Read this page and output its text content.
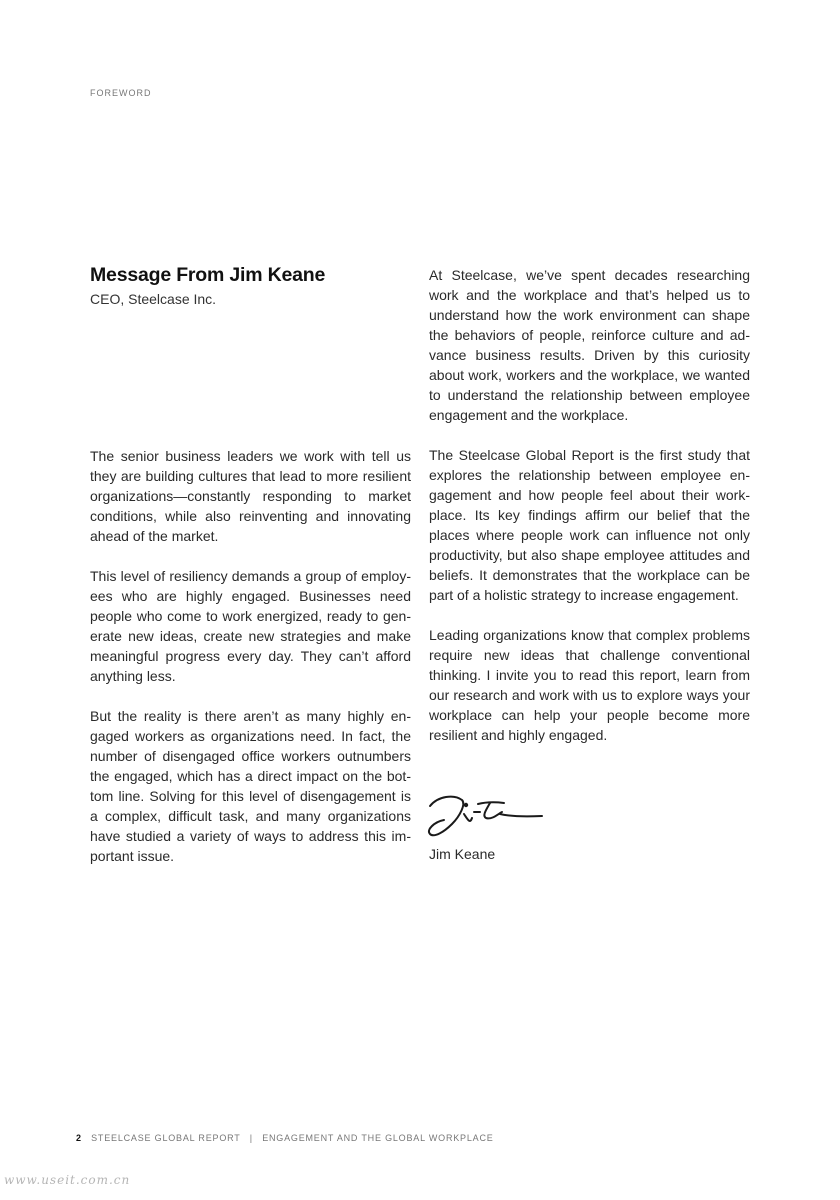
FOREWORD
Message From Jim Keane
CEO, Steelcase Inc.

The senior business leaders we work with tell us they are building cultures that lead to more resilient organizations—constantly responding to market conditions, while also reinventing and innovating ahead of the market.

This level of resiliency demands a group of employees who are highly engaged. Businesses need people who come to work energized, ready to generate new ideas, create new strategies and make meaningful progress every day. They can’t afford anything less.

But the reality is there aren’t as many highly engaged workers as organizations need. In fact, the number of disengaged office workers outnumbers the engaged, which has a direct impact on the bottom line. Solving for this level of disengagement is a complex, difficult task, and many organizations have studied a variety of ways to address this important issue.

At Steelcase, we’ve spent decades researching work and the workplace and that’s helped us to understand how the work environment can shape the behaviors of people, reinforce culture and advance business results. Driven by this curiosity about work, workers and the workplace, we wanted to understand the relationship between employee engagement and the workplace.

The Steelcase Global Report is the first study that explores the relationship between employee engagement and how people feel about their workplace. Its key findings affirm our belief that the places where people work can influence not only productivity, but also shape employee attitudes and beliefs. It demonstrates that the workplace can be part of a holistic strategy to increase engagement.

Leading organizations know that complex problems require new ideas that challenge conventional thinking. I invite you to read this report, learn from our research and work with us to explore ways your workplace can help your people become more resilient and highly engaged.

Jim Keane
2 STEELCASE GLOBAL REPORT | ENGAGEMENT AND THE GLOBAL WORKPLACE
www.useit.com.cn
